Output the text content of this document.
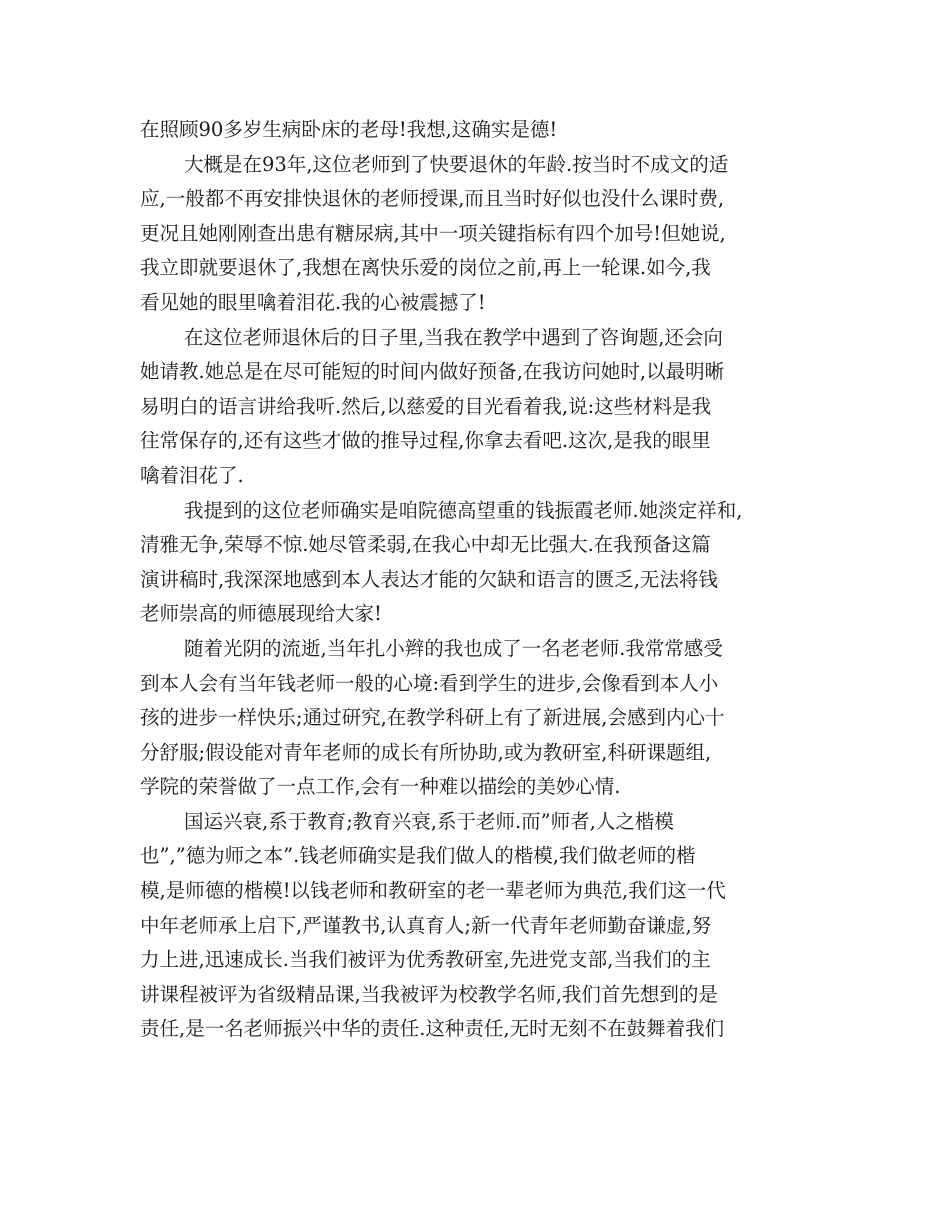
在照顾90多岁生病卧床的老母!我想,这确实是德!
大概是在93年,这位老师到了快要退休的年龄.按当时不成文的适
应,一般都不再安排快退休的老师授课,而且当时好似也没什么课时费,
更况且她刚刚查出患有糖尿病,其中一项关键指标有四个加号!但她说,
我立即就要退休了,我想在离快乐爱的岗位之前,再上一轮课.如今,我
看见她的眼里噙着泪花.我的心被震撼了!
在这位老师退休后的日子里,当我在教学中遇到了咨询题,还会向
她请教.她总是在尽可能短的时间内做好预备,在我访问她时,以最明晰
易明白的语言讲给我听.然后,以慈爱的目光看着我,说:这些材料是我
往常保存的,还有这些才做的推导过程,你拿去看吧.这次,是我的眼里
噙着泪花了.
我提到的这位老师确实是咱院德高望重的钱振霞老师.她淡定祥和,
清雅无争,荣辱不惊.她尽管柔弱,在我心中却无比强大.在我预备这篇
演讲稿时,我深深地感到本人表达才能的欠缺和语言的匮乏,无法将钱
老师崇高的师德展现给大家!
随着光阴的流逝,当年扎小辫的我也成了一名老老师.我常常感受
到本人会有当年钱老师一般的心境:看到学生的进步,会像看到本人小
孩的进步一样快乐;通过研究,在教学科研上有了新进展,会感到内心十
分舒服;假设能对青年老师的成长有所协助,或为教研室,科研课题组,
学院的荣誉做了一点工作,会有一种难以描绘的美妙心情.
国运兴衰,系于教育;教育兴衰,系于老师.而”师者,人之楷模
也”,”德为师之本”.钱老师确实是我们做人的楷模,我们做老师的楷
模,是师德的楷模!以钱老师和教研室的老一辈老师为典范,我们这一代
中年老师承上启下,严谨教书,认真育人;新一代青年老师勤奋谦虚,努
力上进,迅速成长.当我们被评为优秀教研室,先进党支部,当我们的主
讲课程被评为省级精品课,当我被评为校教学名师,我们首先想到的是
责任,是一名老师振兴中华的责任.这种责任,无时无刻不在鼓舞着我们
